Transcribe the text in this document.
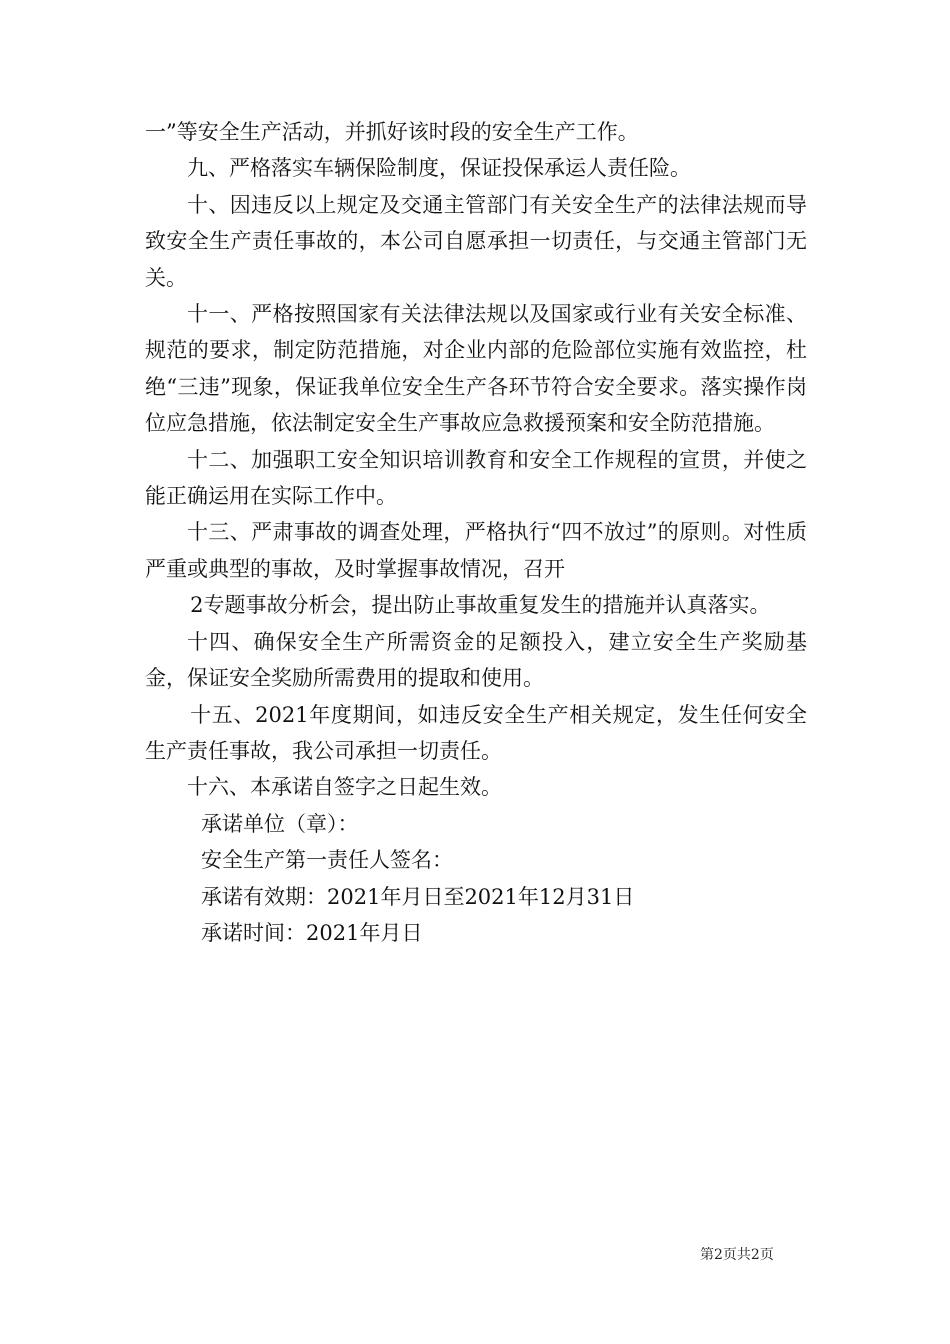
一”等安全生产活动，并抓好该时段的安全生产工作。

九、严格落实车辆保险制度，保证投保承运人责任险。

十、因违反以上规定及交通主管部门有关安全生产的法律法规而导致安全生产责任事故的，本公司自愿承担一切责任，与交通主管部门无关。

十一、严格按照国家有关法律法规以及国家或行业有关安全标准、规范的要求，制定防范措施，对企业内部的危险部位实施有效监控，杜绝“三违”现象，保证我单位安全生产各环节符合安全要求。落实操作岗位应急措施，依法制定安全生产事故应急救援预案和安全防范措施。

十二、加强职工安全知识培训教育和安全工作规程的宣贯，并使之能正确运用在实际工作中。

十三、严肃事故的调查处理，严格执行“四不放过”的原则。对性质严重或典型的事故，及时掌握事故情况，召开

2专题事故分析会，提出防止事故重复发生的措施并认真落实。

十四、确保安全生产所需资金的足额投入，建立安全生产奖励基金，保证安全奖励所需费用的提取和使用。

十五、2021年度期间，如违反安全生产相关规定，发生任何安全生产责任事故，我公司承担一切责任。

十六、本承诺自签字之日起生效。

承诺单位（章）：

安全生产第一责任人签名：

承诺有效期：2021年月日至2021年12月31日

承诺时间：2021年月日

第2页共2页
